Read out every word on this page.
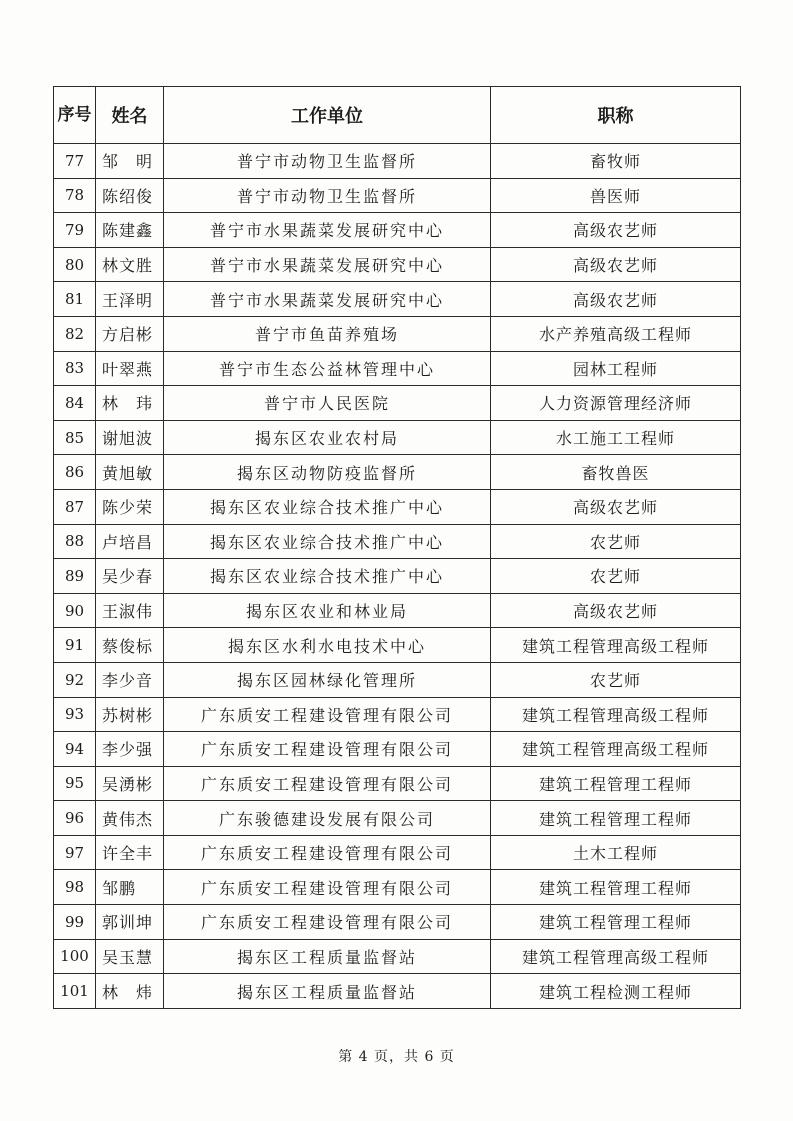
序号	姓名	工作单位	职称
77	邹　明	普宁市动物卫生监督所	畜牧师
78	陈绍俊	普宁市动物卫生监督所	兽医师
79	陈建鑫	普宁市水果蔬菜发展研究中心	高级农艺师
80	林文胜	普宁市水果蔬菜发展研究中心	高级农艺师
81	王泽明	普宁市水果蔬菜发展研究中心	高级农艺师
82	方启彬	普宁市鱼苗养殖场	水产养殖高级工程师
83	叶翠燕	普宁市生态公益林管理中心	园林工程师
84	林　玮	普宁市人民医院	人力资源管理经济师
85	谢旭波	揭东区农业农村局	水工施工工程师
86	黄旭敏	揭东区动物防疫监督所	畜牧兽医
87	陈少荣	揭东区农业综合技术推广中心	高级农艺师
88	卢培昌	揭东区农业综合技术推广中心	农艺师
89	吴少春	揭东区农业综合技术推广中心	农艺师
90	王淑伟	揭东区农业和林业局	高级农艺师
91	蔡俊标	揭东区水利水电技术中心	建筑工程管理高级工程师
92	李少音	揭东区园林绿化管理所	农艺师
93	苏树彬	广东质安工程建设管理有限公司	建筑工程管理高级工程师
94	李少强	广东质安工程建设管理有限公司	建筑工程管理高级工程师
95	吴湧彬	广东质安工程建设管理有限公司	建筑工程管理工程师
96	黄伟杰	广东骏德建设发展有限公司	建筑工程管理工程师
97	许全丰	广东质安工程建设管理有限公司	土木工程师
98	邹鹏	广东质安工程建设管理有限公司	建筑工程管理工程师
99	郭训坤	广东质安工程建设管理有限公司	建筑工程管理工程师
100	吴玉慧	揭东区工程质量监督站	建筑工程管理高级工程师
101	林　炜	揭东区工程质量监督站	建筑工程检测工程师
第 4 页，共 6 页
